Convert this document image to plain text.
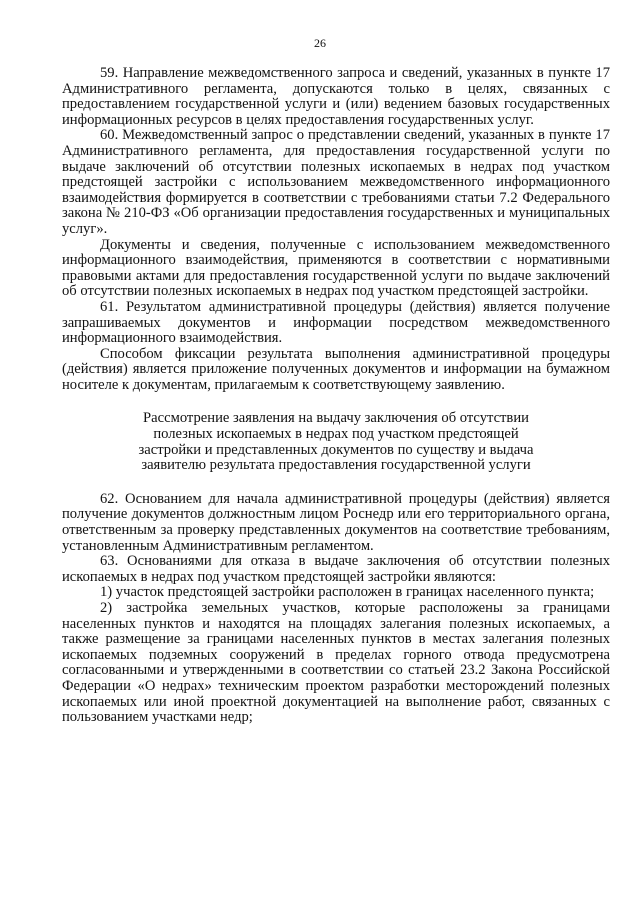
26

59. Направление межведомственного запроса и сведений, указанных в пункте 17 Административного регламента, допускаются только в целях, связанных с предоставлением государственной услуги и (или) ведением базовых государственных информационных ресурсов в целях предоставления государственных услуг.

60. Межведомственный запрос о представлении сведений, указанных в пункте 17 Административного регламента, для предоставления государственной услуги по выдаче заключений об отсутствии полезных ископаемых в недрах под участком предстоящей застройки с использованием межведомственного информационного взаимодействия формируется в соответствии с требованиями статьи 7.2 Федерального закона № 210-ФЗ «Об организации предоставления государственных и муниципальных услуг».

Документы и сведения, полученные с использованием межведомственного информационного взаимодействия, применяются в соответствии с нормативными правовыми актами для предоставления государственной услуги по выдаче заключений об отсутствии полезных ископаемых в недрах под участком предстоящей застройки.

61. Результатом административной процедуры (действия) является получение запрашиваемых документов и информации посредством межведомственного информационного взаимодействия.

Способом фиксации результата выполнения административной процедуры (действия) является приложение полученных документов и информации на бумажном носителе к документам, прилагаемым к соответствующему заявлению.

Рассмотрение заявления на выдачу заключения об отсутствии
полезных ископаемых в недрах под участком предстоящей
застройки и представленных документов по существу и выдача
заявителю результата предоставления государственной услуги

62. Основанием для начала административной процедуры (действия) является получение документов должностным лицом Роснедр или его территориального органа, ответственным за проверку представленных документов на соответствие требованиям, установленным Административным регламентом.

63. Основаниями для отказа в выдаче заключения об отсутствии полезных ископаемых в недрах под участком предстоящей застройки являются:

1) участок предстоящей застройки расположен в границах населенного пункта;

2) застройка земельных участков, которые расположены за границами населенных пунктов и находятся на площадях залегания полезных ископаемых, а также размещение за границами населенных пунктов в местах залегания полезных ископаемых подземных сооружений в пределах горного отвода предусмотрена согласованными и утвержденными в соответствии со статьей 23.2 Закона Российской Федерации «О недрах» техническим проектом разработки месторождений полезных ископаемых или иной проектной документацией на выполнение работ, связанных с пользованием участками недр;
